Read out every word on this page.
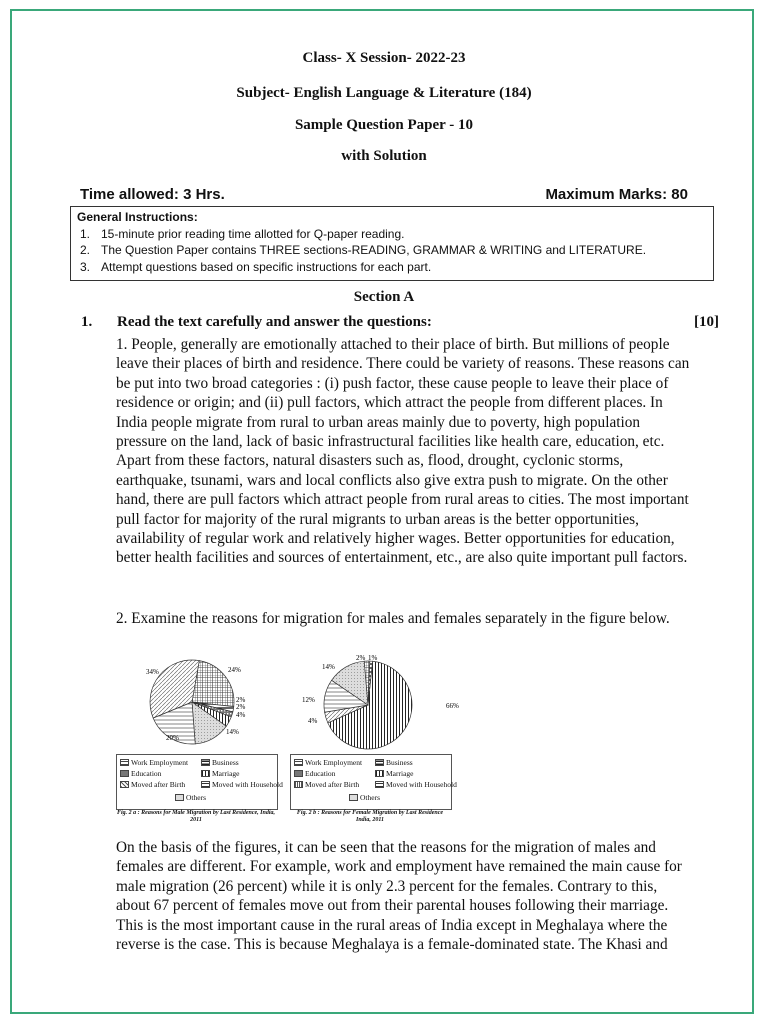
Class- X Session- 2022-23
Subject- English Language & Literature (184)
Sample Question Paper - 10
with Solution
Time allowed: 3 Hrs.	Maximum Marks: 80
General Instructions:
1. 15-minute prior reading time allotted for Q-paper reading.
2. The Question Paper contains THREE sections-READING, GRAMMAR & WRITING and LITERATURE.
3. Attempt questions based on specific instructions for each part.
Section A
1. Read the text carefully and answer the questions:	[10]
1. People, generally are emotionally attached to their place of birth. But millions of people leave their places of birth and residence. There could be variety of reasons. These reasons can be put into two broad categories : (i) push factor, these cause people to leave their place of residence or origin; and (ii) pull factors, which attract the people from different places. In India people migrate from rural to urban areas mainly due to poverty, high population pressure on the land, lack of basic infrastructural facilities like health care, education, etc. Apart from these factors, natural disasters such as, flood, drought, cyclonic storms, earthquake, tsunami, wars and local conflicts also give extra push to migrate. On the other hand, there are pull factors which attract people from rural areas to cities. The most important pull factor for majority of the rural migrants to urban areas is the better opportunities, availability of regular work and relatively higher wages. Better opportunities for education, better health facilities and sources of entertainment, etc., are also quite important pull factors.
2. Examine the reasons for migration for males and females separately in the figure below.
34%	24%
2%
2%
4%
14%
20%
66%
4%
12%
14%
2% 1%
Work Employment	Business
Education	Marriage
Moved after Birth	Moved with Household
Others
Fig. 2 a : Reasons for Male Migration by Last Residence, India, 2011
Work Employment	Business
Education	Marriage
Moved after Birth	Moved with Household
Others
Fig. 2 b : Reasons for Female Migration by Last Residence India, 2011
On the basis of the figures, it can be seen that the reasons for the migration of males and females are different. For example, work and employment have remained the main cause for male migration (26 percent) while it is only 2.3 percent for the females. Contrary to this, about 67 percent of females move out from their parental houses following their marriage. This is the most important cause in the rural areas of India except in Meghalaya where the reverse is the case. This is because Meghalaya is a female-dominated state. The Khasi and
